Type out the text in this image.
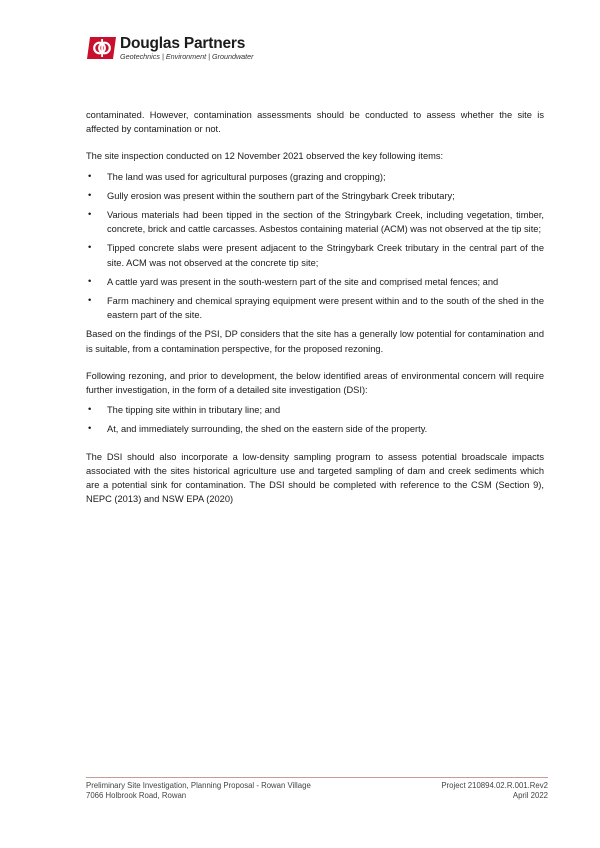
Douglas Partners
Geotechnics | Environment | Groundwater

contaminated. However, contamination assessments should be conducted to assess whether the site is affected by contamination or not.

The site inspection conducted on 12 November 2021 observed the key following items:

• The land was used for agricultural purposes (grazing and cropping);
• Gully erosion was present within the southern part of the Stringybark Creek tributary;
• Various materials had been tipped in the section of the Stringybark Creek, including vegetation, timber, concrete, brick and cattle carcasses. Asbestos containing material (ACM) was not observed at the tip site;
• Tipped concrete slabs were present adjacent to the Stringybark Creek tributary in the central part of the site. ACM was not observed at the concrete tip site;
• A cattle yard was present in the south-western part of the site and comprised metal fences; and
• Farm machinery and chemical spraying equipment were present within and to the south of the shed in the eastern part of the site.

Based on the findings of the PSI, DP considers that the site has a generally low potential for contamination and is suitable, from a contamination perspective, for the proposed rezoning.

Following rezoning, and prior to development, the below identified areas of environmental concern will require further investigation, in the form of a detailed site investigation (DSI):

• The tipping site within in tributary line; and
• At, and immediately surrounding, the shed on the eastern side of the property.

The DSI should also incorporate a low-density sampling program to assess potential broadscale impacts associated with the sites historical agriculture use and targeted sampling of dam and creek sediments which are a potential sink for contamination. The DSI should be completed with reference to the CSM (Section 9), NEPC (2013) and NSW EPA (2020)

Preliminary Site Investigation, Planning Proposal - Rowan Village
7066 Holbrook Road, Rowan
Project 210894.02.R.001.Rev2
April 2022
